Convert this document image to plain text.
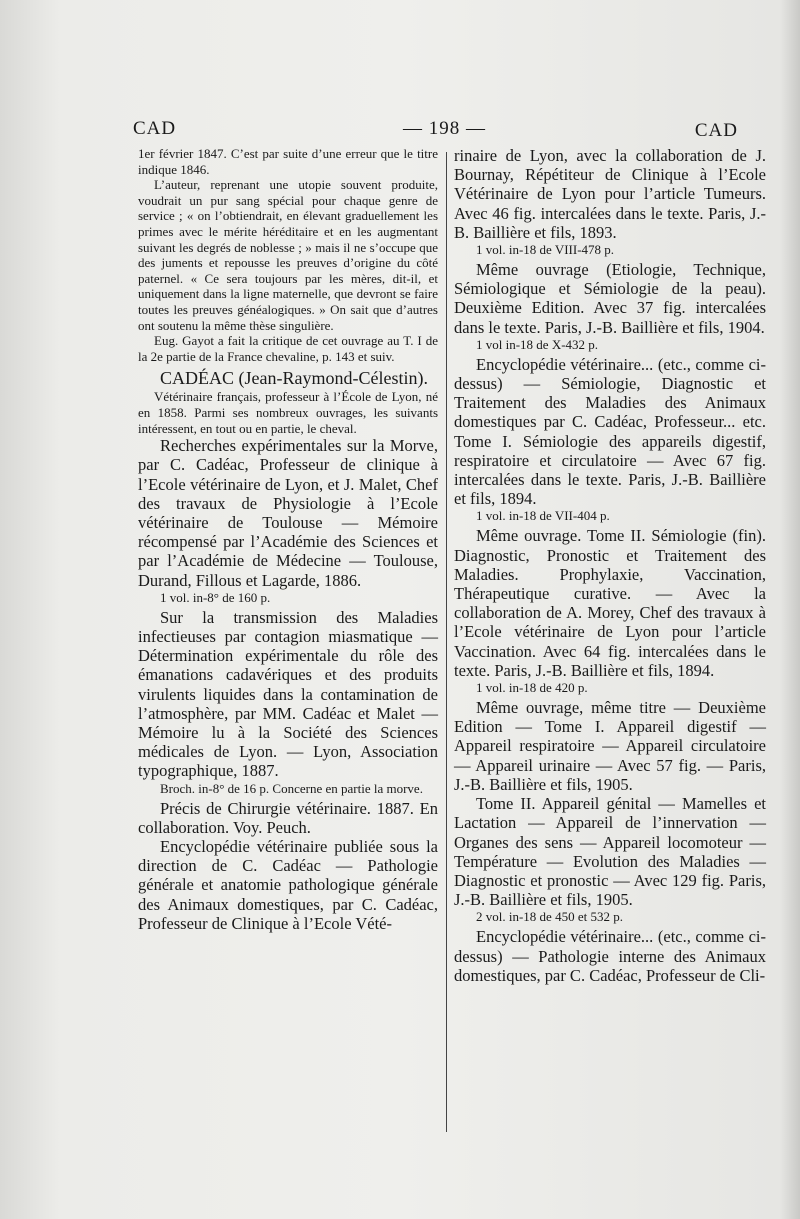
CAD	— 198 —	CAD

1er février 1847. C’est par suite d’une erreur que le titre indique 1846.

L’auteur, reprenant une utopie souvent produite, voudrait un pur sang spécial pour chaque genre de service ; « on l’obtiendrait, en élevant graduellement les primes avec le mérite héréditaire et en les augmentant suivant les degrés de noblesse ; » mais il ne s’occupe que des juments et repousse les preuves d’origine du côté paternel. « Ce sera toujours par les mères, dit-il, et uniquement dans la ligne maternelle, que devront se faire toutes les preuves généalogiques. » On sait que d’autres ont soutenu la même thèse singulière.

Eug. Gayot a fait la critique de cet ouvrage au T. I de la 2e partie de la France chevaline, p. 143 et suiv.

CADÉAC (Jean-Raymond-Célestin).

Vétérinaire français, professeur à l’École de Lyon, né en 1858. Parmi ses nombreux ouvrages, les suivants intéressent, en tout ou en partie, le cheval.

Recherches expérimentales sur la Morve, par C. Cadéac, Professeur de clinique à l’Ecole vétérinaire de Lyon, et J. Malet, Chef des travaux de Physiologie à l’Ecole vétérinaire de Toulouse — Mémoire récompensé par l’Académie des Sciences et par l’Académie de Médecine — Toulouse, Durand, Fillous et Lagarde, 1886.

1 vol. in-8° de 160 p.

Sur la transmission des Maladies infectieuses par contagion miasmatique — Détermination expérimentale du rôle des émanations cadavériques et des produits virulents liquides dans la contamination de l’atmosphère, par MM. Cadéac et Malet — Mémoire lu à la Société des Sciences médicales de Lyon. — Lyon, Association typographique, 1887.

Broch. in-8° de 16 p. Concerne en partie la morve.

Précis de Chirurgie vétérinaire. 1887. En collaboration. Voy. Peuch.

Encyclopédie vétérinaire publiée sous la direction de C. Cadéac — Pathologie générale et anatomie pathologique générale des Animaux domestiques, par C. Cadéac, Professeur de Clinique à l’Ecole Vété-

rinaire de Lyon, avec la collaboration de J. Bournay, Répétiteur de Clinique à l’Ecole Vétérinaire de Lyon pour l’article Tumeurs. Avec 46 fig. intercalées dans le texte. Paris, J.-B. Baillière et fils, 1893.

1 vol. in-18 de VIII-478 p.

Même ouvrage (Etiologie, Technique, Sémiologique et Sémiologie de la peau). Deuxième Edition. Avec 37 fig. intercalées dans le texte. Paris, J.-B. Baillière et fils, 1904.

1 vol in-18 de X-432 p.

Encyclopédie vétérinaire... (etc., comme ci-dessus) — Sémiologie, Diagnostic et Traitement des Maladies des Animaux domestiques par C. Cadéac, Professeur... etc. Tome I. Sémiologie des appareils digestif, respiratoire et circulatoire — Avec 67 fig. intercalées dans le texte. Paris, J.-B. Baillière et fils, 1894.

1 vol. in-18 de VII-404 p.

Même ouvrage. Tome II. Sémiologie (fin). Diagnostic, Pronostic et Traitement des Maladies. Prophylaxie, Vaccination, Thérapeutique curative. — Avec la collaboration de A. Morey, Chef des travaux à l’Ecole vétérinaire de Lyon pour l’article Vaccination. Avec 64 fig. intercalées dans le texte. Paris, J.-B. Baillière et fils, 1894.

1 vol. in-18 de 420 p.

Même ouvrage, même titre — Deuxième Edition — Tome I. Appareil digestif — Appareil respiratoire — Appareil circulatoire — Appareil urinaire — Avec 57 fig. — Paris, J.-B. Baillière et fils, 1905.

Tome II. Appareil génital — Mamelles et Lactation — Appareil de l’innervation — Organes des sens — Appareil locomoteur — Température — Evolution des Maladies — Diagnostic et pronostic — Avec 129 fig. Paris, J.-B. Baillière et fils, 1905.

2 vol. in-18 de 450 et 532 p.

Encyclopédie vétérinaire... (etc., comme ci-dessus) — Pathologie interne des Animaux domestiques, par C. Cadéac, Professeur de Cli-
